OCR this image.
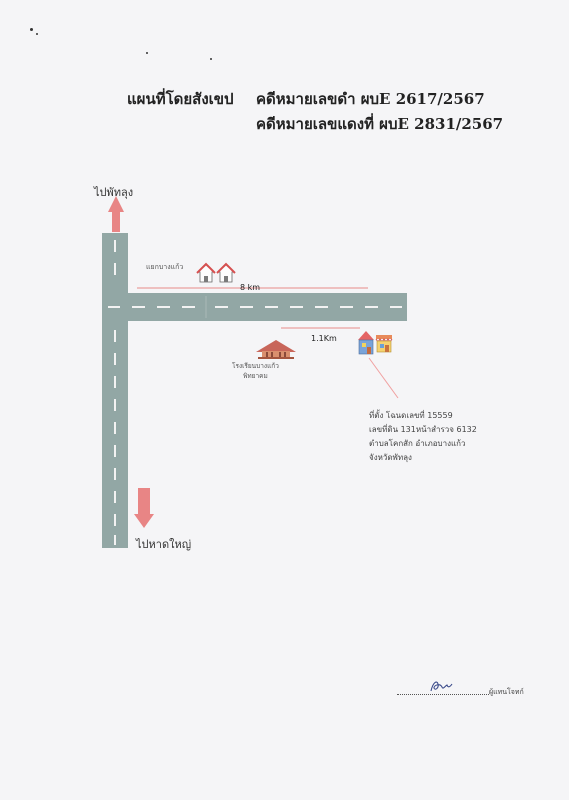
แผนที่โดยสังเขป คดีหมายเลขดำ ผบE 2617/2567
คดีหมายเลขแดงที่ ผบE 2831/2567
ไปพัทลุง
ไปหาดใหญ่
แยกบางแก้ว
8 km
1.1Km
โรงเรียนบางแก้ว
พิทยาคม
ที่ตั้ง โฉนดเลขที่ 15559
เลขที่ดิน 131หน้าสำรวจ 6132
ตำบลโคกสัก อำเภอบางแก้ว
จังหวัดพัทลุง
ผู้แทนโจทก์
